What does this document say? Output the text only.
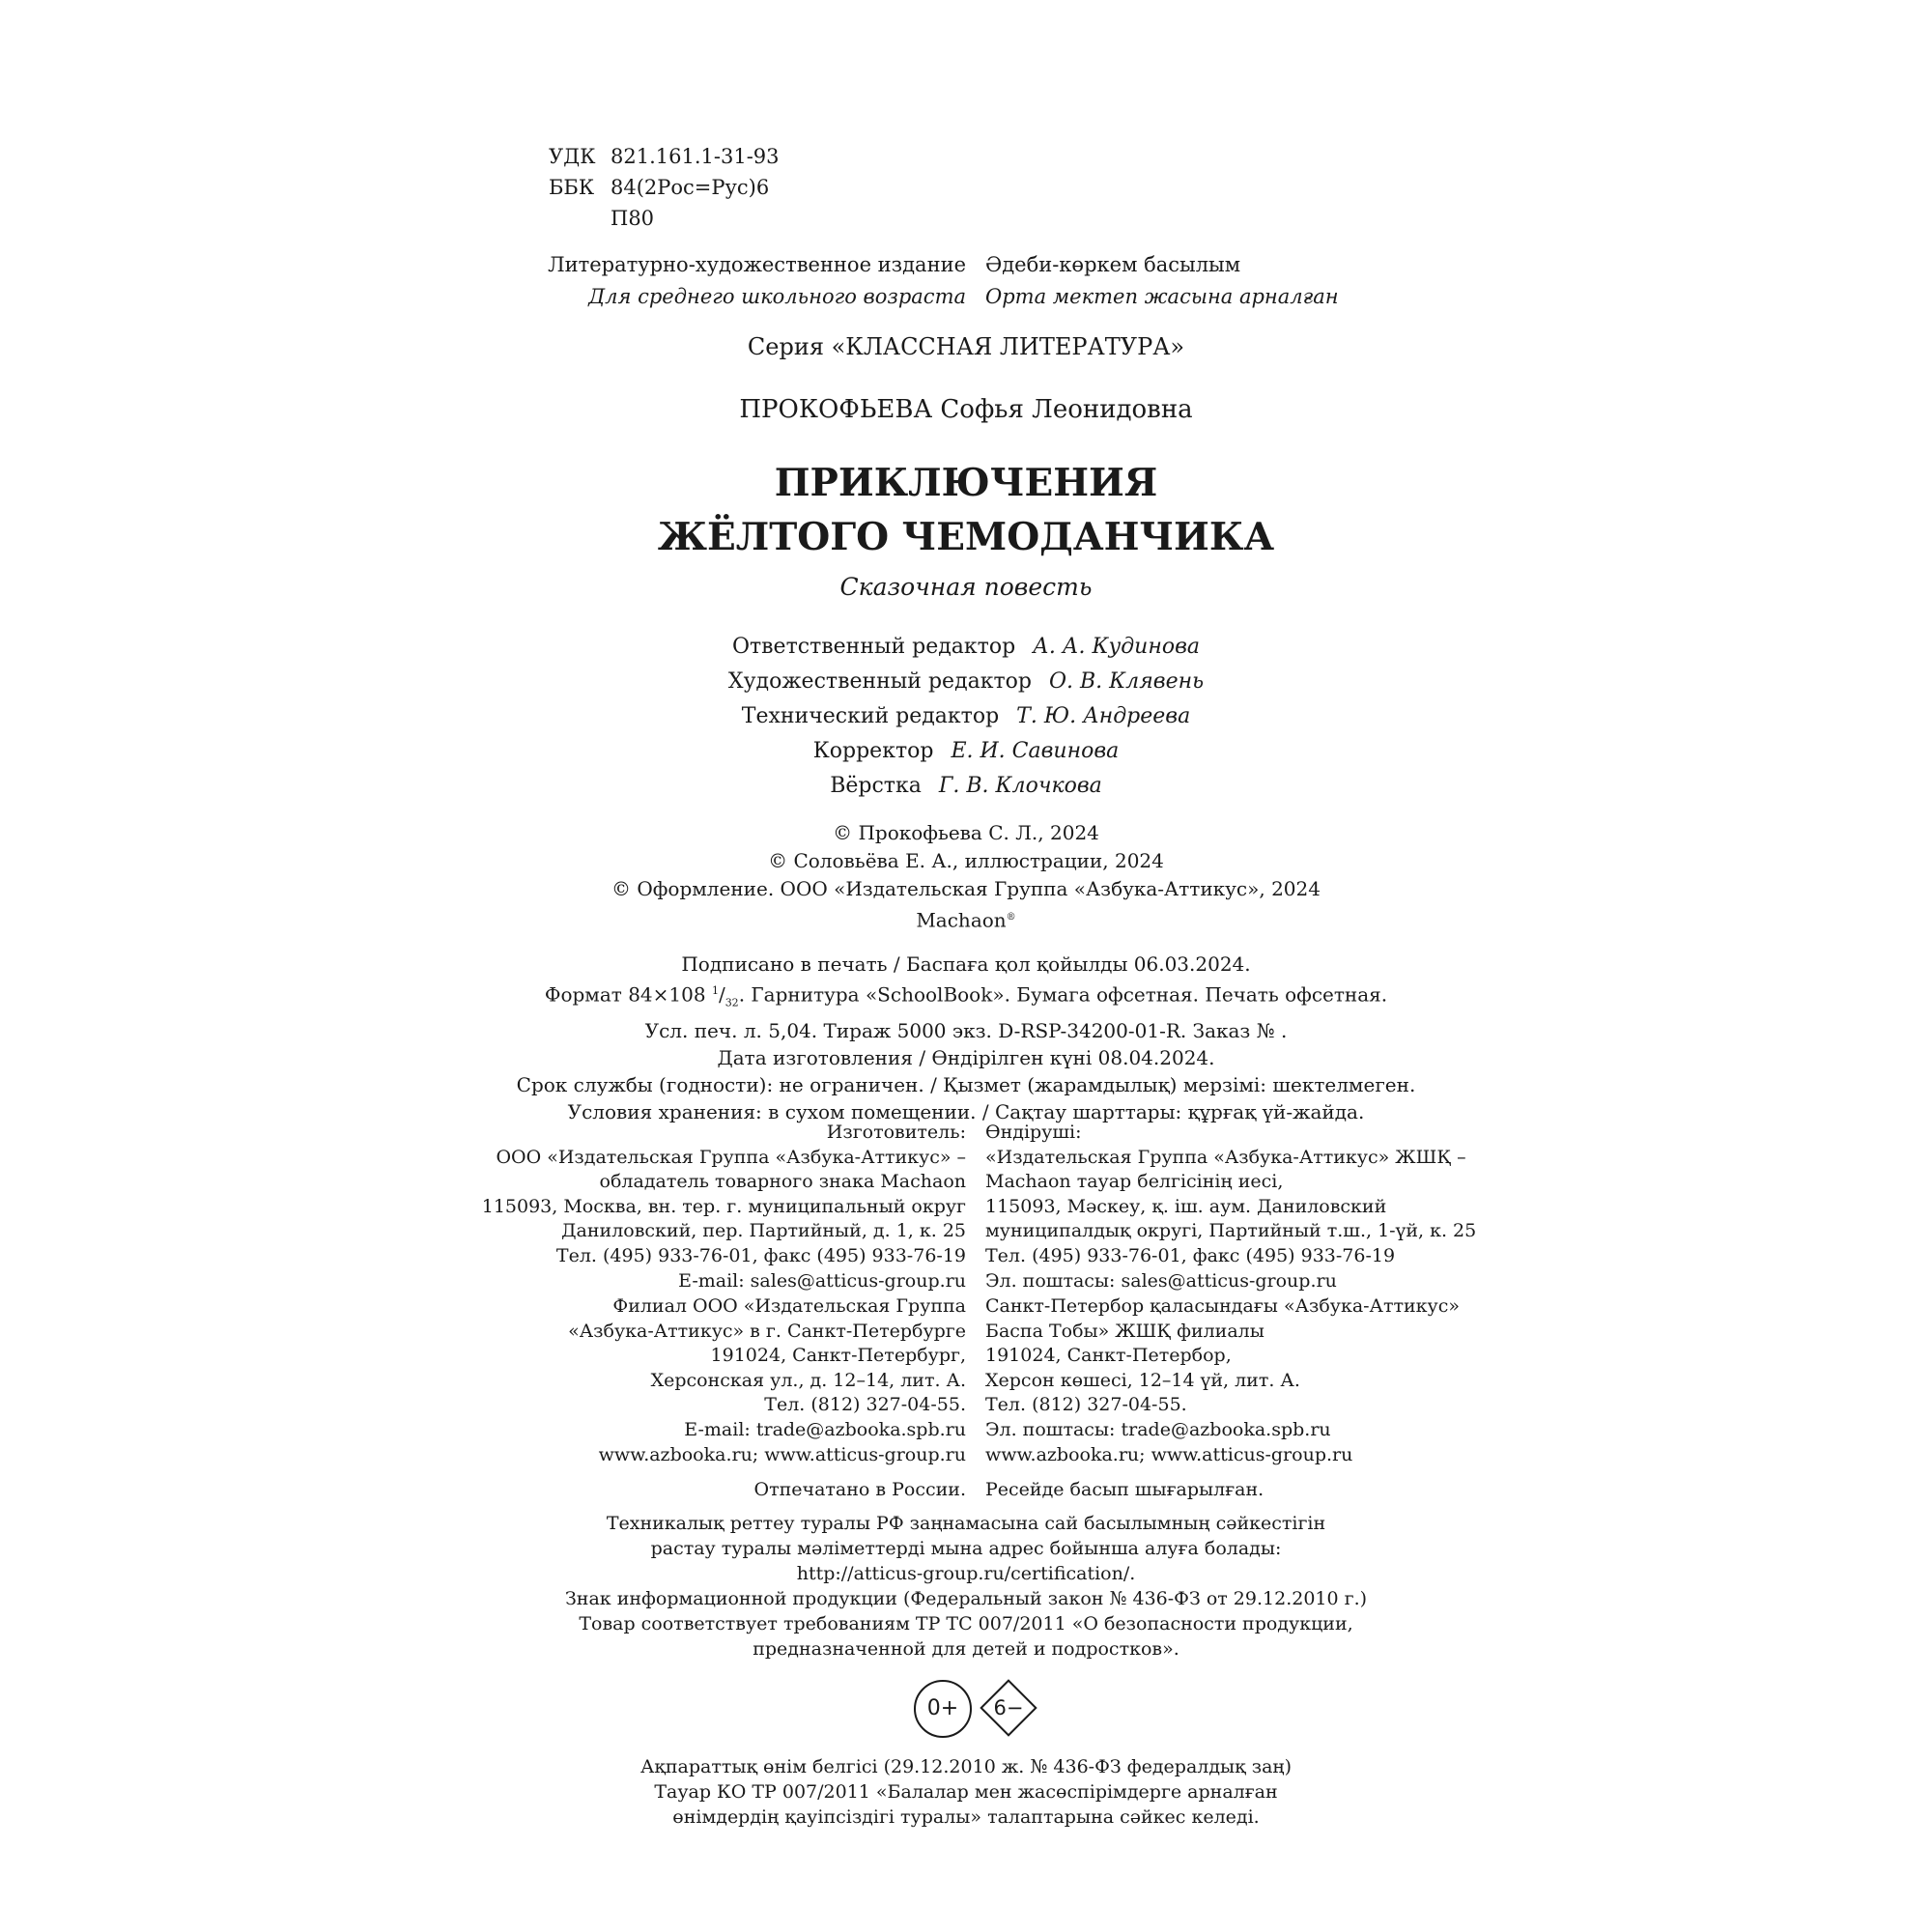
УДК 821.161.1-31-93
ББК 84(2Рос=Рус)6
П80
Литературно-художественное издание
Для среднего школьного возраста
Әдеби-көркем басылым
Орта мектеп жасына арналған
Серия «КЛАССНАЯ ЛИТЕРАТУРА»
ПРОКОФЬЕВА Софья Леонидовна
ПРИКЛЮЧЕНИЯ
ЖЁЛТОГО ЧЕМОДАНЧИКА
Сказочная повесть
Ответственный редактор А. А. Кудинова
Художественный редактор О. В. Клявень
Технический редактор Т. Ю. Андреева
Корректор Е. И. Савинова
Вёрстка Г. В. Клочкова
© Прокофьева С. Л., 2024
© Соловьёва Е. А., иллюстрации, 2024
© Оформление. ООО «Издательская Группа «Азбука-Аттикус», 2024
Machaon®
Подписано в печать / Баспаға қол қойылды 06.03.2024.
Формат 84×108 $^1/_{32}$. Гарнитура «SchoolBook». Бумага офсетная. Печать офсетная.
Усл. печ. л. 5,04. Тираж 5000 экз. D-RSP-34200-01-R. Заказ № .
Дата изготовления / Өндірілген күні 08.04.2024.
Срок службы (годности): не ограничен. / Қызмет (жарамдылық) мерзімі: шектелмеген.
Условия хранения: в сухом помещении. / Сақтау шарттары: құрғақ үй-жайда.
Изготовитель:
ООО «Издательская Группа «Азбука-Аттикус» –
обладатель товарного знака Machaon
115093, Москва, вн. тер. г. муниципальный округ
Даниловский, пер. Партийный, д. 1, к. 25
Тел. (495) 933-76-01, факс (495) 933-76-19
E-mail: sales@atticus-group.ru
Өндіруші:
«Издательская Группа «Азбука-Аттикус» ЖШҚ –
Machaon тауар белгісінің иесі,
115093, Мәскеу, қ. іш. аум. Даниловский
муниципалдық округі, Партийный т.ш., 1-үй, к. 25
Тел. (495) 933-76-01, факс (495) 933-76-19
Эл. поштасы: sales@atticus-group.ru
Филиал ООО «Издательская Группа
«Азбука-Аттикус» в г. Санкт-Петербурге
191024, Санкт-Петербург,
Херсонская ул., д. 12–14, лит. А.
Тел. (812) 327-04-55.
E-mail: trade@azbooka.spb.ru
Санкт-Петербор қаласындағы «Азбука-Аттикус»
Баспа Тобы» ЖШҚ филиалы
191024, Санкт-Петербор,
Херсон көшесі, 12–14 үй, лит. А.
Тел. (812) 327-04-55.
Эл. поштасы: trade@azbooka.spb.ru
www.azbooka.ru; www.atticus-group.ru www.azbooka.ru; www.atticus-group.ru
Отпечатано в России. Ресейде басып шығарылған.
Техникалық реттеу туралы РФ заңнамасына сай басылымның сәйкестігін
растау туралы мәліметтерді мына адрес бойынша алуға болады:
http://atticus-group.ru/certification/.
Знак информационной продукции (Федеральный закон № 436-ФЗ от 29.12.2010 г.)
Товар соответствует требованиям ТР ТС 007/2011 «О безопасности продукции,
предназначенной для детей и подростков».
0+	6−
Ақпараттық өнім белгісі (29.12.2010 ж. № 436-ФЗ федералдық заң)
Тауар КО ТР 007/2011 «Балалар мен жасөспірімдерге арналған
өнімдердің қауіпсіздігі туралы» талаптарына сәйкес келеді.
